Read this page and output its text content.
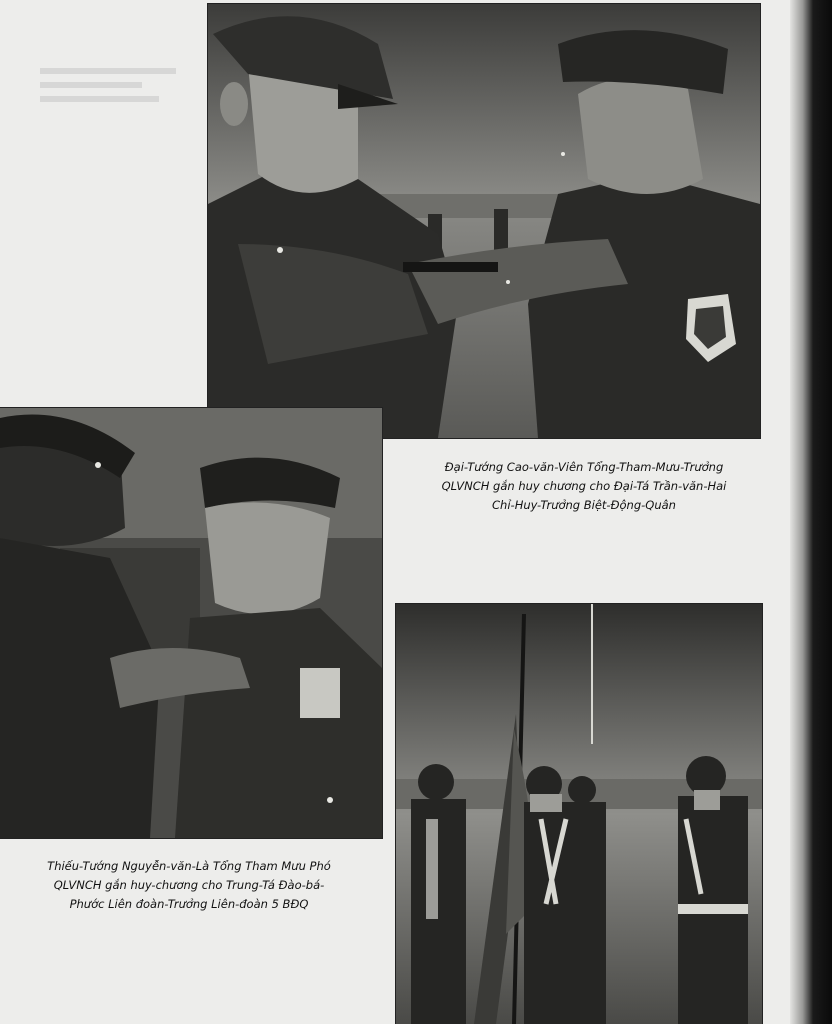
Đại-Tướng Cao-văn-Viên Tổng-Tham-Mưu-Trưởng

QLVNCH gắn huy chương cho Đại-Tá Trần-văn-Hai

Chỉ-Huy-Trưởng Biệt-Động-Quân

Thiếu-Tướng Nguyễn-văn-Là Tổng Tham Mưu Phó

QLVNCH gắn huy-chương cho Trung-Tá Đào-bá-

Phước Liên đoàn-Trưởng Liên-đoàn 5 BĐQ
